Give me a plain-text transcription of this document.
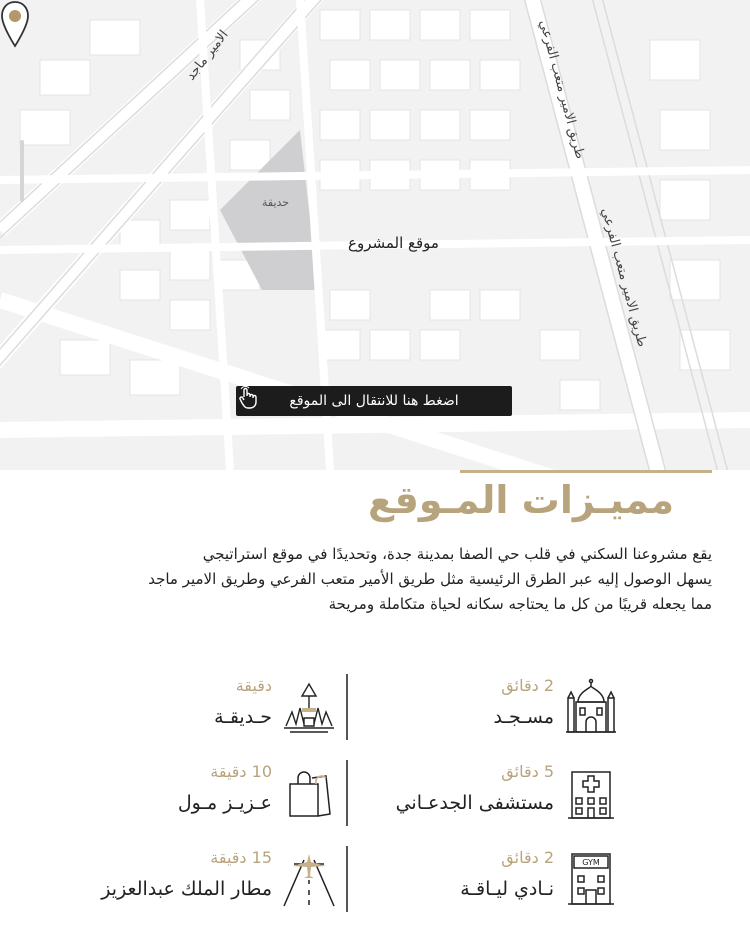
الامير ماجد	طريق الامير متعب الفرعي
طريق الامير متعب الفرعي
حديقة
موقع المشروع
اضغط هنا للانتقال الى الموقع
مميـزات المـوقع
يقع مشروعنا السكني في قلب حي الصفا بمدينة جدة، وتحديدًا في موقع استراتيجي
يسهل الوصول إليه عبر الطرق الرئيسية مثل طريق الأمير متعب الفرعي وطريق الامير ماجد
مما يجعله قريبًا من كل ما يحتاجه سكانه لحياة متكاملة ومريحة
2 دقائق
مسـجـد
دقيقة
حـديقـة
5 دقائق
مستشفى الجدعـاني
10 دقيقة
عـزيـز مـول
GYM
2 دقائق
نـادي ليـاقـة
15 دقيقة
مطار الملك عبدالعزيز
